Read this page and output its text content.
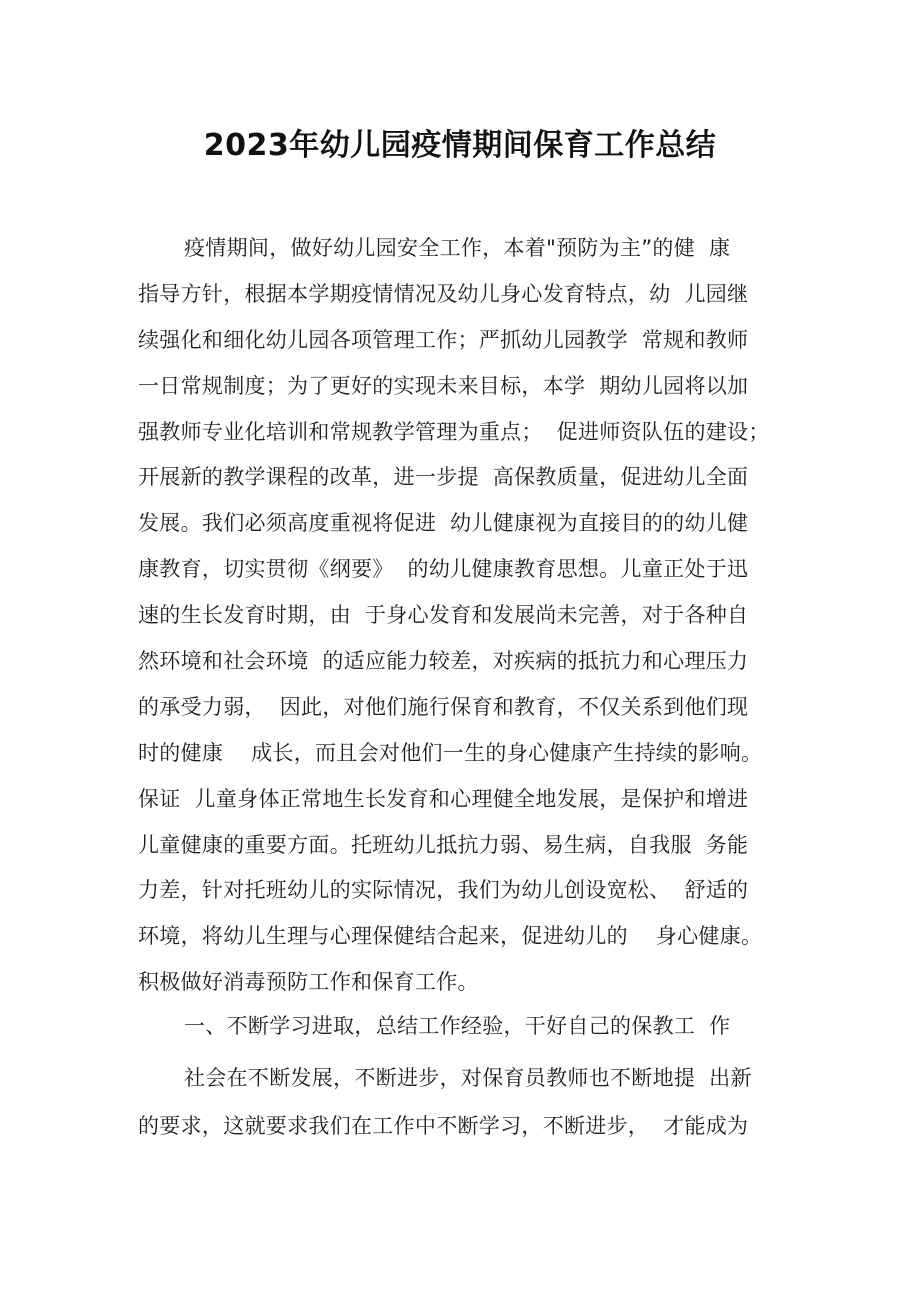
2023年幼儿园疫情期间保育工作总结
疫情期间，做好幼儿园安全工作，本着"预防为主”的健  康
指导方针，根据本学期疫情情况及幼儿身心发育特点，幼  儿园继
续强化和细化幼儿园各项管理工作；严抓幼儿园教学  常规和教师
一日常规制度；为了更好的实现未来目标，本学  期幼儿园将以加
强教师专业化培训和常规教学管理为重点；  促进师资队伍的建设；
开展新的教学课程的改革，进一步提  高保教质量，促进幼儿全面
发展。我们必须高度重视将促进  幼儿健康视为直接目的的幼儿健
康教育，切实贯彻《纲要》  的幼儿健康教育思想。儿童正处于迅
速的生长发育时期，由  于身心发育和发展尚未完善，对于各种自
然环境和社会环境  的适应能力较差，对疾病的抵抗力和心理压力
的承受力弱，  因此，对他们施行保育和教育，不仅关系到他们现
时的健康    成长，而且会对他们一生的身心健康产生持续的影响。
保证  儿童身体正常地生长发育和心理健全地发展，是保护和增进
儿童健康的重要方面。托班幼儿抵抗力弱、易生病，自我服  务能
力差，针对托班幼儿的实际情况，我们为幼儿创设宽松、  舒适的
环境，将幼儿生理与心理保健结合起来，促进幼儿的    身心健康。
积极做好消毒预防工作和保育工作。
一、不断学习进取，总结工作经验，干好自己的保教工  作
社会在不断发展，不断进步，对保育员教师也不断地提  出新
的要求，这就要求我们在工作中不断学习，不断进步，  才能成为
